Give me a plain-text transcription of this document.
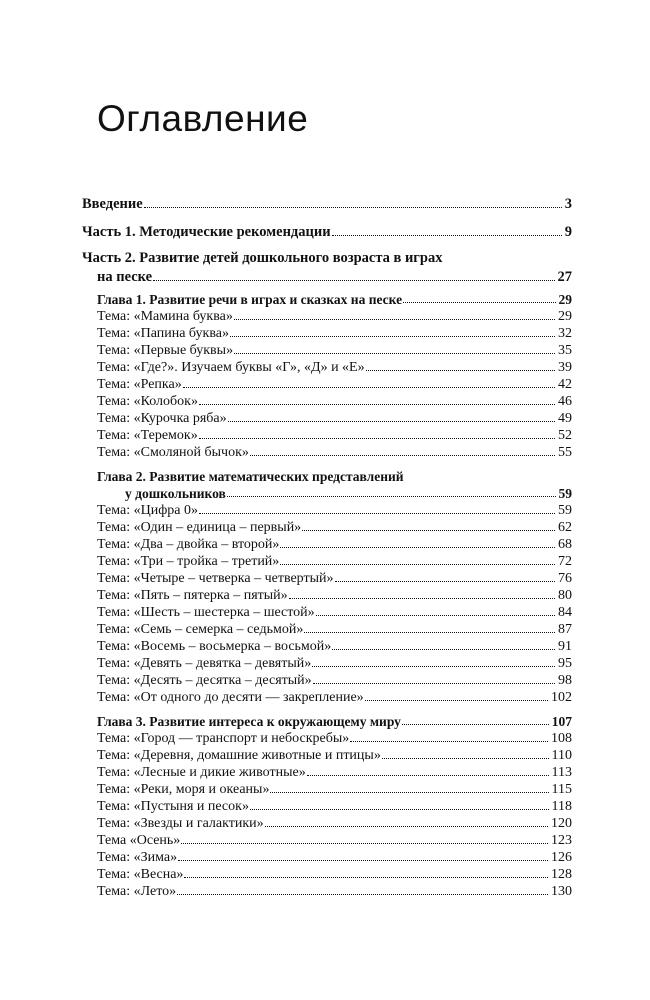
Оглавление
Введение	3
Часть 1. Методические рекомендации	9
Часть 2. Развитие детей дошкольного возраста в играх
на песке	27
Глава 1. Развитие речи в играх и сказках на песке	29
Тема: «Мамина буква»	29
Тема: «Папина буква»	32
Тема: «Первые буквы»	35
Тема: «Где?». Изучаем буквы «Г», «Д» и «Е»	39
Тема: «Репка»	42
Тема: «Колобок»	46
Тема: «Курочка ряба»	49
Тема: «Теремок»	52
Тема: «Смоляной бычок»	55
Глава 2. Развитие математических представлений
у дошкольников	59
Тема: «Цифра 0»	59
Тема: «Один – единица – первый»	62
Тема: «Два – двойка – второй»	68
Тема: «Три – тройка – третий»	72
Тема: «Четыре – четверка – четвертый»	76
Тема: «Пять – пятерка – пятый»	80
Тема: «Шесть – шестерка – шестой»	84
Тема: «Семь – семерка – седьмой»	87
Тема: «Восемь – восьмерка – восьмой»	91
Тема: «Девять – девятка – девятый»	95
Тема: «Десять – десятка – десятый»	98
Тема: «От одного до десяти — закрепление»	102
Глава 3. Развитие интереса к окружающему миру	107
Тема: «Город — транспорт и небоскребы»	108
Тема: «Деревня, домашние животные и птицы»	110
Тема: «Лесные и дикие животные»	113
Тема: «Реки, моря и океаны»	115
Тема: «Пустыня и песок»	118
Тема: «Звезды и галактики»	120
Тема «Осень»	123
Тема: «Зима»	126
Тема: «Весна»	128
Тема: «Лето»	130
